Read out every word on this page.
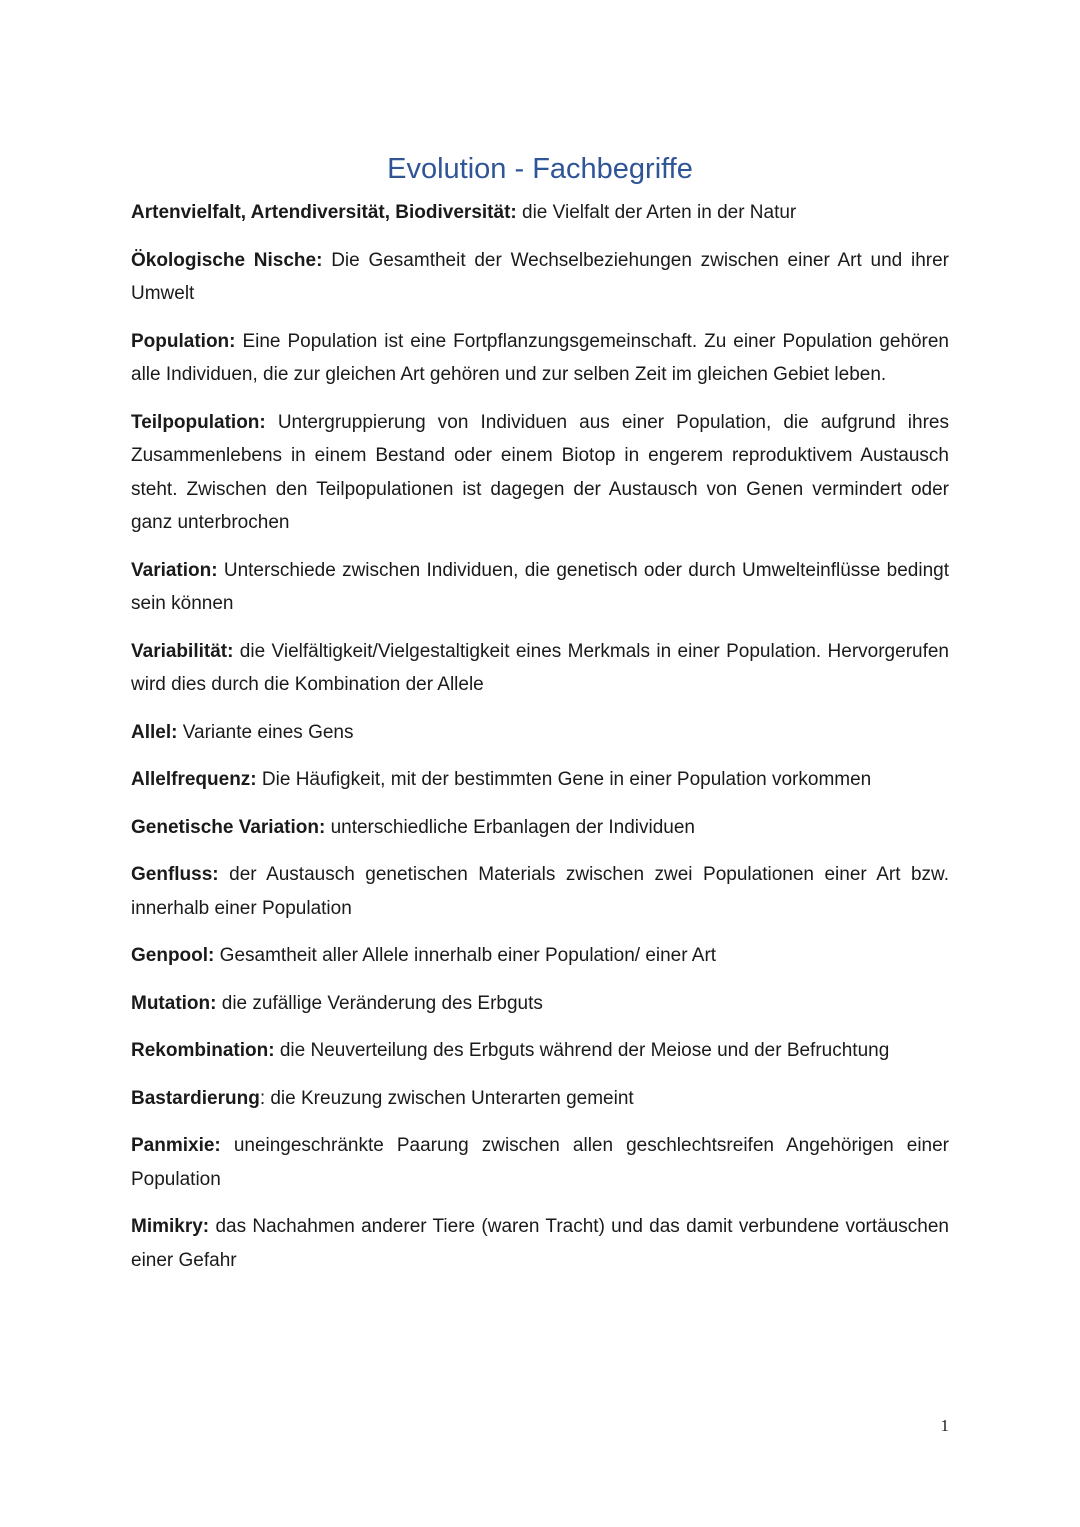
Evolution - Fachbegriffe

Artenvielfalt, Artendiversität, Biodiversität: die Vielfalt der Arten in der Natur

Ökologische Nische: Die Gesamtheit der Wechselbeziehungen zwischen einer Art und ihrer Umwelt

Population: Eine Population ist eine Fortpflanzungsgemeinschaft. Zu einer Population gehören alle Individuen, die zur gleichen Art gehören und zur selben Zeit im gleichen Gebiet leben.

Teilpopulation: Untergruppierung von Individuen aus einer Population, die aufgrund ihres Zusammenlebens in einem Bestand oder einem Biotop in engerem reproduktivem Austausch steht. Zwischen den Teilpopulationen ist dagegen der Austausch von Genen vermindert oder ganz unterbrochen

Variation: Unterschiede zwischen Individuen, die genetisch oder durch Umwelteinflüsse bedingt sein können

Variabilität: die Vielfältigkeit/Vielgestaltigkeit eines Merkmals in einer Population. Hervorgerufen wird dies durch die Kombination der Allele

Allel: Variante eines Gens

Allelfrequenz: Die Häufigkeit, mit der bestimmten Gene in einer Population vorkommen

Genetische Variation: unterschiedliche Erbanlagen der Individuen

Genfluss: der Austausch genetischen Materials zwischen zwei Populationen einer Art bzw. innerhalb einer Population

Genpool: Gesamtheit aller Allele innerhalb einer Population/ einer Art

Mutation: die zufällige Veränderung des Erbguts

Rekombination: die Neuverteilung des Erbguts während der Meiose und der Befruchtung

Bastardierung: die Kreuzung zwischen Unterarten gemeint

Panmixie: uneingeschränkte Paarung zwischen allen geschlechtsreifen Angehörigen einer Population

Mimikry: das Nachahmen anderer Tiere (waren Tracht) und das damit verbundene vortäuschen einer Gefahr

1
